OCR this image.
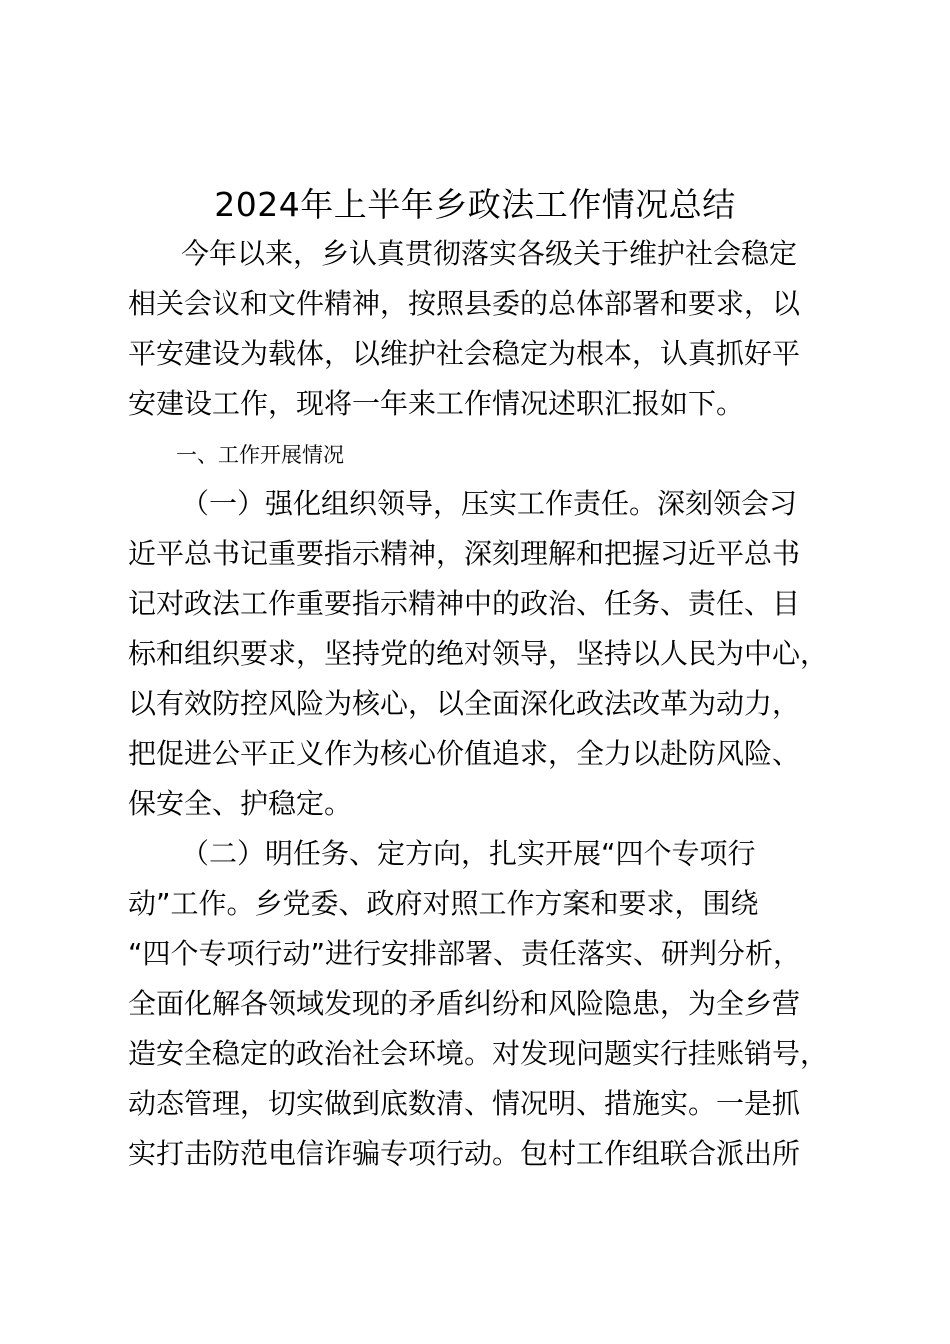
2024年上半年乡政法工作情况总结
今年以来，乡认真贯彻落实各级关于维护社会稳定
相关会议和文件精神，按照县委的总体部署和要求，以
平安建设为载体，以维护社会稳定为根本，认真抓好平
安建设工作，现将一年来工作情况述职汇报如下。
一、工作开展情况
（一）强化组织领导，压实工作责任。深刻领会习
近平总书记重要指示精神，深刻理解和把握习近平总书
记对政法工作重要指示精神中的政治、任务、责任、目
标和组织要求，坚持党的绝对领导，坚持以人民为中心，
以有效防控风险为核心，以全面深化政法改革为动力，
把促进公平正义作为核心价值追求，全力以赴防风险、
保安全、护稳定。
（二）明任务、定方向，扎实开展“四个专项行
动”工作。乡党委、政府对照工作方案和要求，围绕
“四个专项行动”进行安排部署、责任落实、研判分析，
全面化解各领域发现的矛盾纠纷和风险隐患，为全乡营
造安全稳定的政治社会环境。对发现问题实行挂账销号，
动态管理，切实做到底数清、情况明、措施实。一是抓
实打击防范电信诈骗专项行动。包村工作组联合派出所
